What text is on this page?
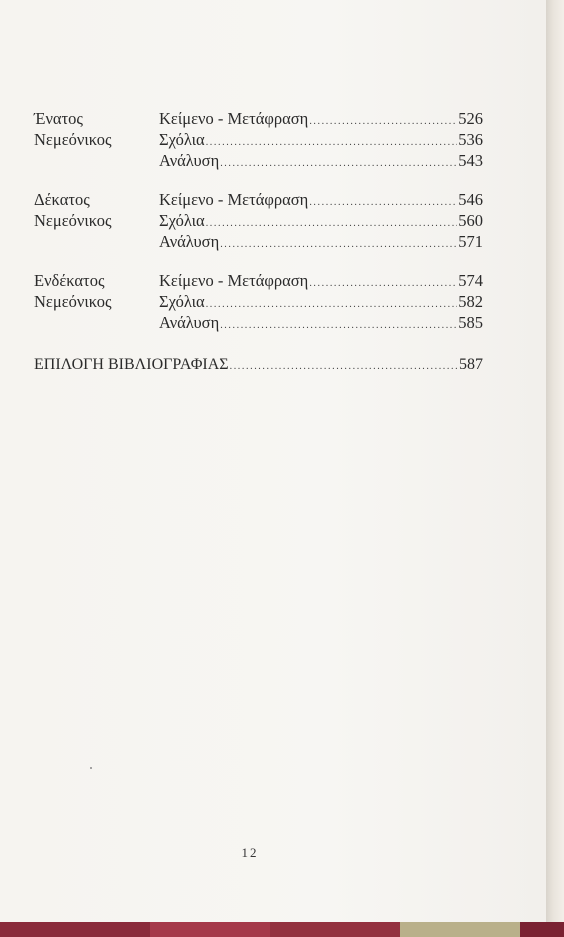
Ένατος
Νεμεόνικος
Κείμενο - Μετάφραση .....	526
Σχόλια .....	536
Ανάλυση .....	543
Δέκατος
Νεμεόνικος
Κείμενο - Μετάφραση .....	546
Σχόλια .....	560
Ανάλυση .....	571
Ενδέκατος
Νεμεόνικος
Κείμενο - Μετάφραση .....	574
Σχόλια .....	582
Ανάλυση .....	585
ΕΠΙΛΟΓΗ ΒΙΒΛΙΟΓΡΑΦΙΑΣ .....	587
12
